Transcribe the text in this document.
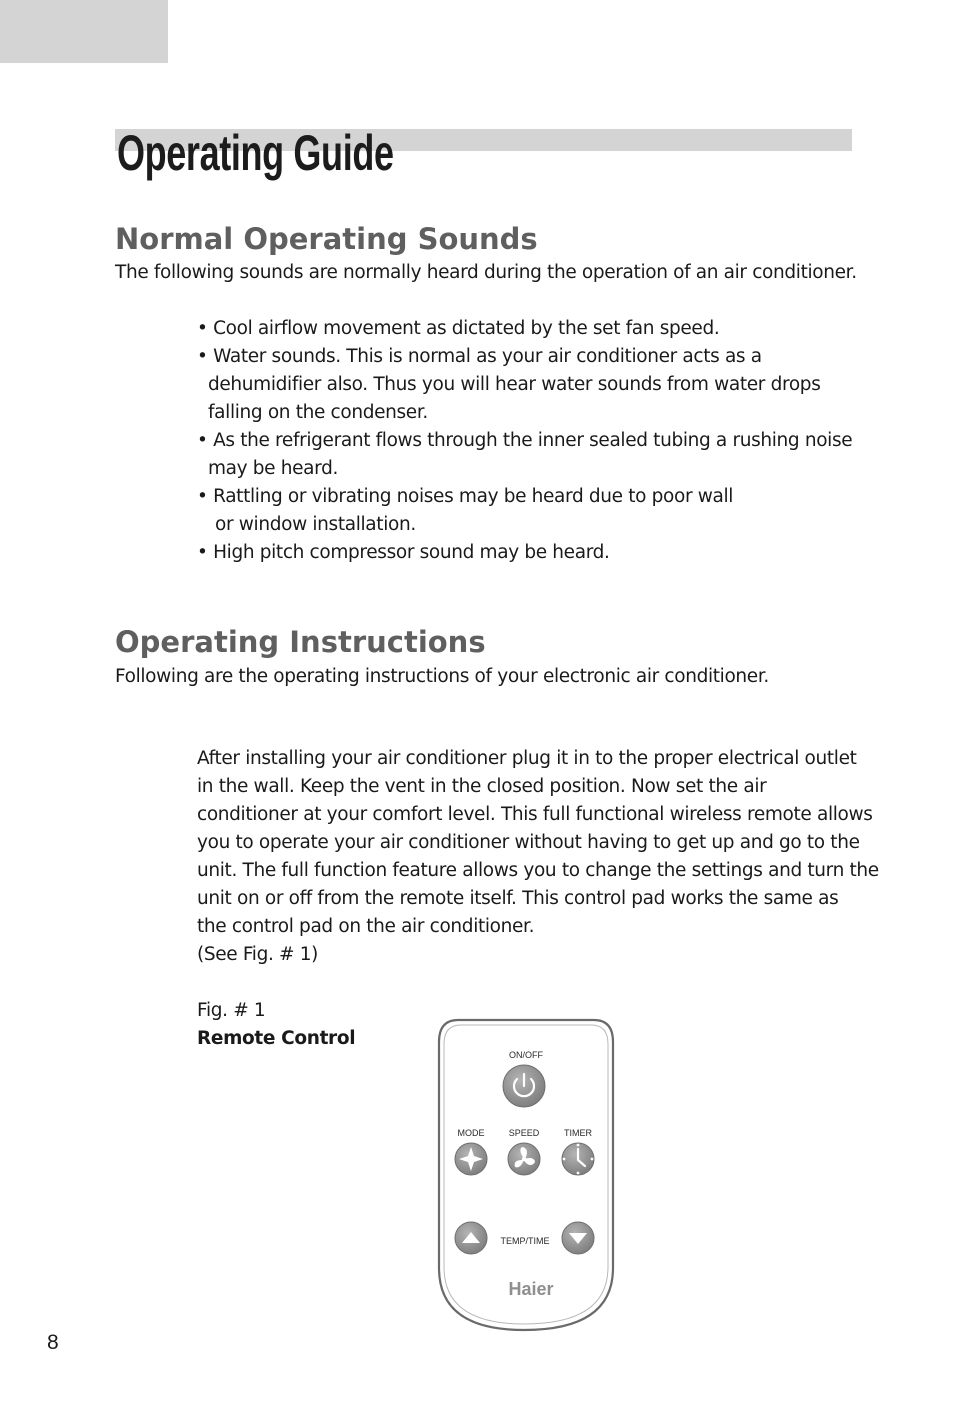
Operating Guide
Normal Operating Sounds

The following sounds are normally heard during the operation of an air conditioner.

• Cool airflow movement as dictated by the set fan speed.

• Water sounds. This is normal as your air conditioner acts as a

dehumidifier also. Thus you will hear water sounds from water drops

falling on the condenser.

• As the refrigerant flows through the inner sealed tubing a rushing noise

may be heard.

• Rattling or vibrating noises may be heard due to poor wall

or window installation.

• High pitch compressor sound may be heard.

Operating Instructions

Following are the operating instructions of your electronic air conditioner.

After installing your air conditioner plug it in to the proper electrical outlet

in the wall. Keep the vent in the closed position. Now set the air

conditioner at your comfort level. This full functional wireless remote allows

you to operate your air conditioner without having to get up and go to the

unit. The full function feature allows you to change the settings and turn the

unit on or off from the remote itself. This control pad works the same as

the control pad on the air conditioner.

(See Fig. # 1)

Fig. # 1

Remote Control

ON/OFF
MODE	SPEED	TIMER
TEMP/TIME
Haier

8
